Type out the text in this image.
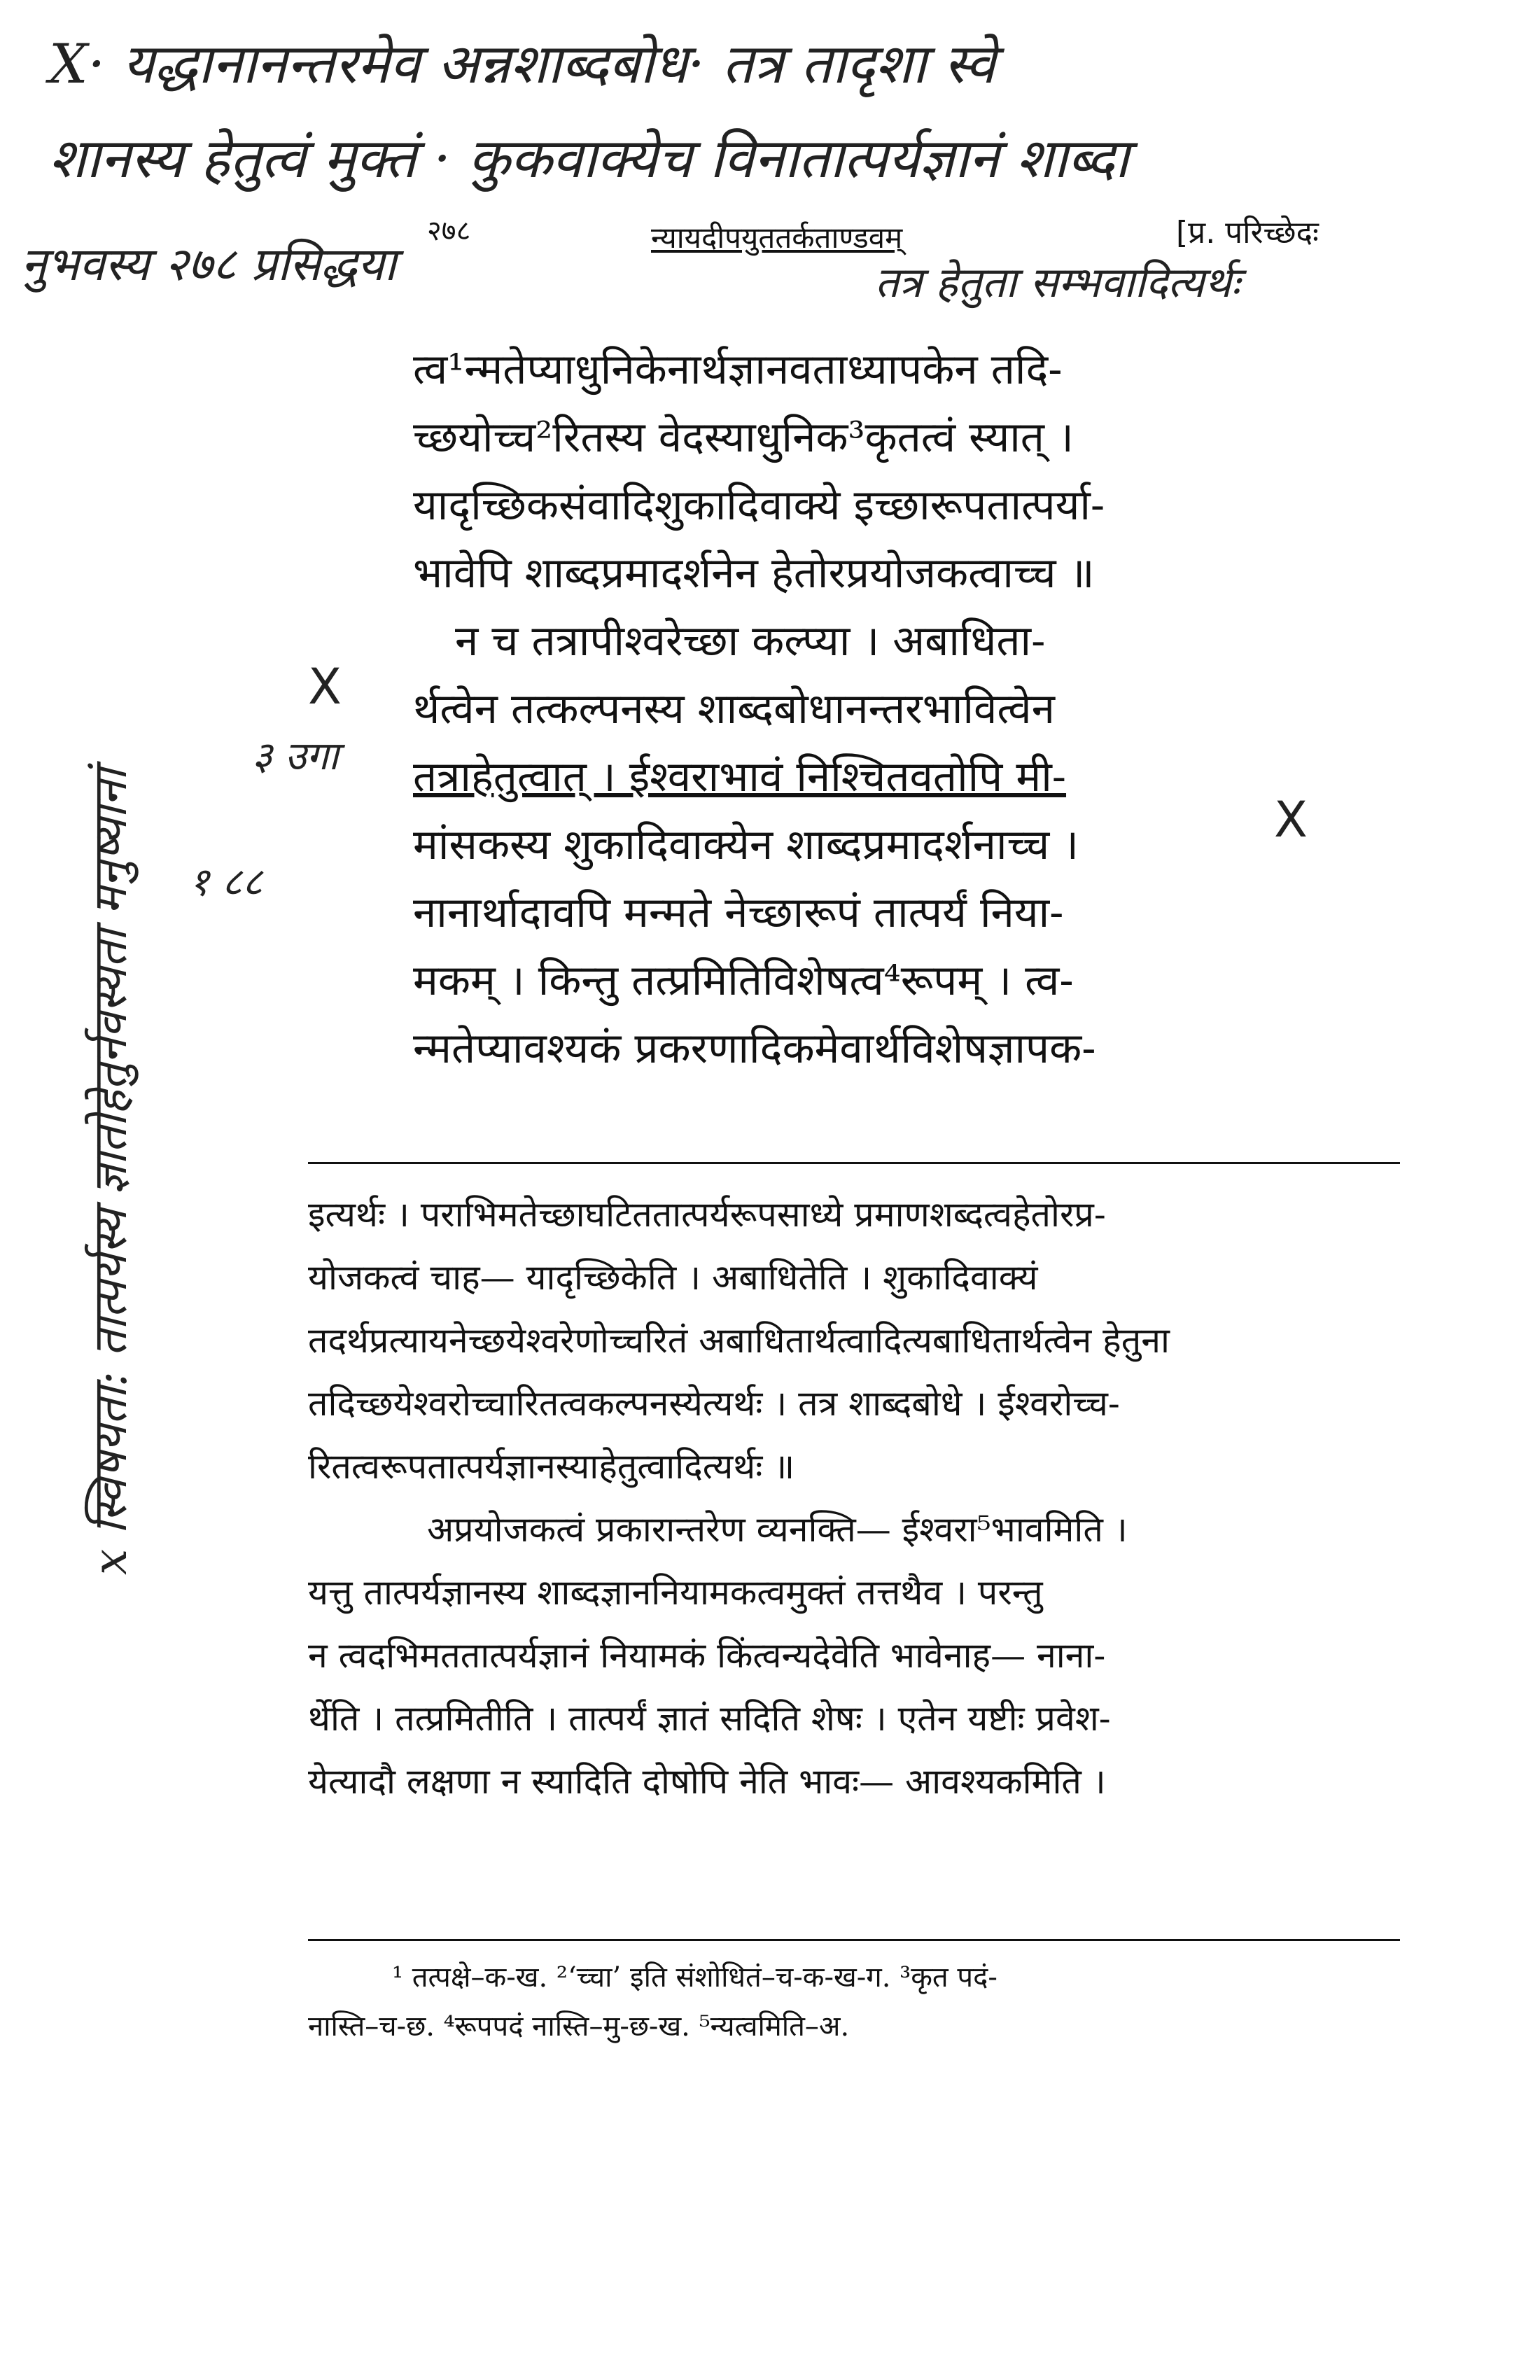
X· यद्धानानन्तरमेव अन्नशाब्दबोध· तत्र तादृशा स्वे
शानस्य हेतुत्वं मुक्तं · कुकवाक्येच विनातात्पर्यज्ञानं शाब्दा
नुभवस्य २७८ प्रसिद्धया	तत्र हेतुता सम्भवादित्यर्थः
x स्विषयता: तात्पर्यस्य ज्ञातोहेतुर्नवस्यता मनुष्यानां
X
X
३ उगा
१ ८८
२७८	न्यायदीपयुततर्कताण्डवम्	[प्र. परिच्छेदः
त्व¹न्मतेप्याधुनिकेनार्थज्ञानवताध्यापकेन तदि-
च्छयोच्च²रितस्य वेदस्याधुनिक³कृतत्वं स्यात् ।
यादृच्छिकसंवादिशुकादिवाक्ये इच्छारूपतात्पर्या-
भावेपि शाब्दप्रमादर्शनेन हेतोरप्रयोजकत्वाच्च ॥
न च तत्रापीश्वरेच्छा कल्प्या । अबाधिता-
र्थत्वेन तत्कल्पनस्य शाब्दबोधानन्तरभावित्वेन
तत्राहेतुत्वात् । ईश्वराभावं निश्चितवतोपि मी-
मांसकस्य शुकादिवाक्येन शाब्दप्रमादर्शनाच्च ।
नानार्थादावपि मन्मते नेच्छारूपं तात्पर्यं निया-
मकम् । किन्तु तत्प्रमितिविशेषत्व⁴रूपम् । त्व-
न्मतेप्यावश्यकं प्रकरणादिकमेवार्थविशेषज्ञापक-
इत्यर्थः । पराभिमतेच्छाघटिततात्पर्यरूपसाध्ये प्रमाणशब्दत्वहेतोरप्र-
योजकत्वं चाह— यादृच्छिकेति । अबाधितेति । शुकादिवाक्यं
तदर्थप्रत्यायनेच्छयेश्वरेणोच्चरितं अबाधितार्थत्वादित्यबाधितार्थत्वेन हेतुना
तदिच्छयेश्वरोच्चारितत्वकल्पनस्येत्यर्थः । तत्र शाब्दबोधे । ईश्वरोच्च-
रितत्वरूपतात्पर्यज्ञानस्याहेतुत्वादित्यर्थः ॥
अप्रयोजकत्वं प्रकारान्तरेण व्यनक्ति— ईश्वरा⁵भावमिति ।
यत्तु तात्पर्यज्ञानस्य शाब्दज्ञाननियामकत्वमुक्तं तत्तथैव । परन्तु
न त्वदभिमततात्पर्यज्ञानं नियामकं किंत्वन्यदेवेति भावेनाह— नाना-
र्थेति । तत्प्रमितीति । तात्पर्यं ज्ञातं सदिति शेषः । एतेन यष्टीः प्रवेश-
येत्यादौ लक्षणा न स्यादिति दोषोपि नेति भावः— आवश्यकमिति ।
¹ तत्पक्षे–क-ख. ²‘च्चा’ इति संशोधितं–च-क-ख-ग. ³कृत पदं-
नास्ति–च-छ. ⁴रूपपदं नास्ति–मु-छ-ख. ⁵न्यत्वमिति–अ.
